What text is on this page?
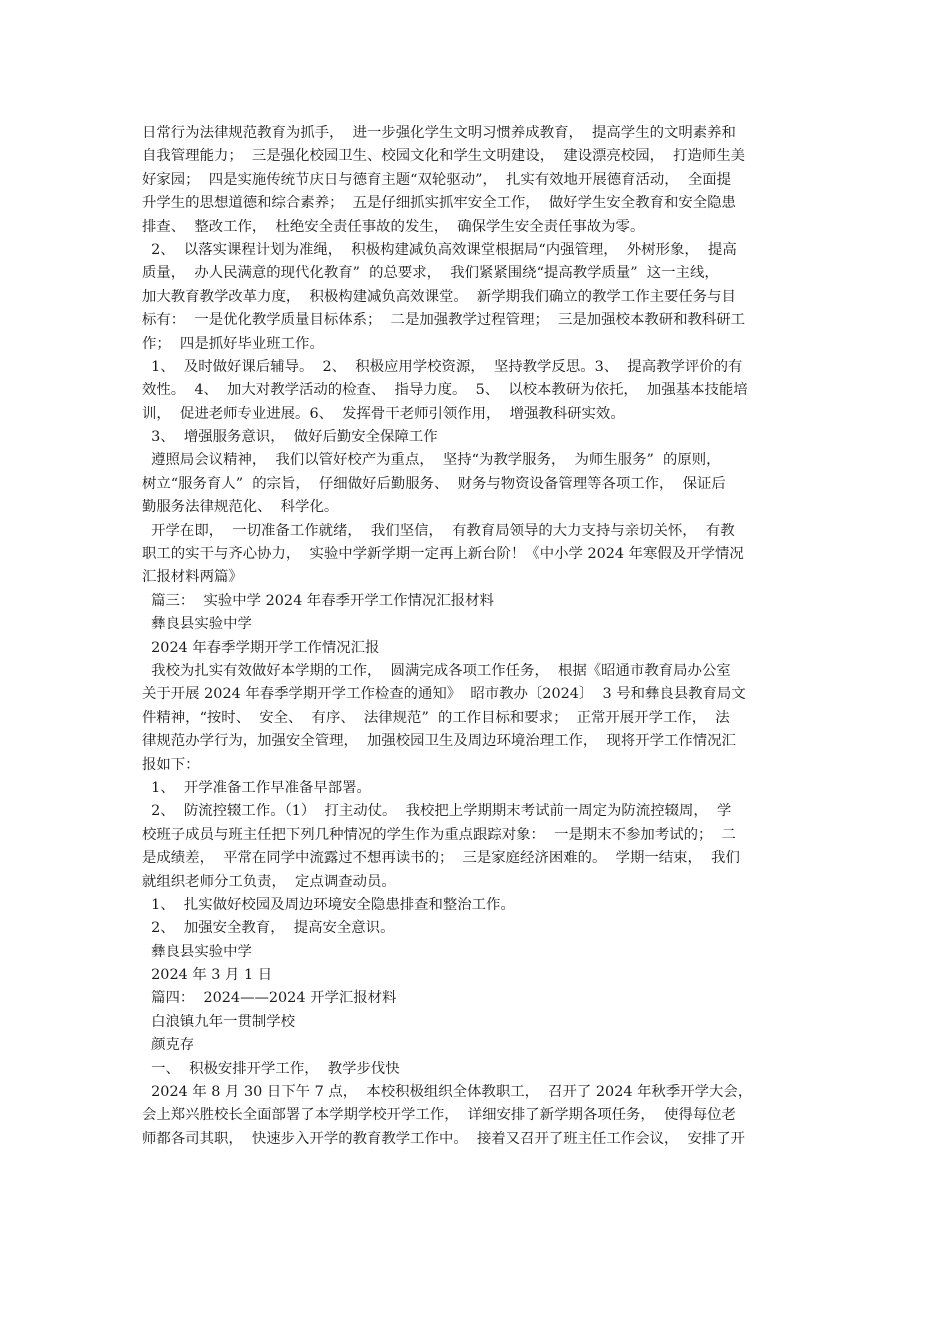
日常行为法律规范教育为抓手，  进一步强化学生文明习惯养成教育，  提高学生的文明素养和
自我管理能力；  三是强化校园卫生、校园文化和学生文明建设，  建设漂亮校园，  打造师生美
好家园；  四是实施传统节庆日与德育主题“双轮驱动”，  扎实有效地开展德育活动，  全面提
升学生的思想道德和综合素养；  五是仔细抓实抓牢安全工作，  做好学生安全教育和安全隐患
排查、  整改工作，  杜绝安全责任事故的发生，  确保学生安全责任事故为零。
2、  以落实课程计划为准绳，  积极构建减负高效课堂根据局“内强管理，  外树形象，  提高
质量，  办人民满意的现代化教育”  的总要求，  我们紧紧围绕“提高教学质量”  这一主线，
加大教育教学改革力度，  积极构建减负高效课堂。  新学期我们确立的教学工作主要任务与目
标有：  一是优化教学质量目标体系；  二是加强教学过程管理；  三是加强校本教研和教科研工
作；  四是抓好毕业班工作。
1、  及时做好课后辅导。  2、  积极应用学校资源，  坚持教学反思。3、  提高教学评价的有
效性。  4、  加大对教学活动的检查、  指导力度。  5、  以校本教研为依托，  加强基本技能培
训，  促进老师专业进展。6、  发挥骨干老师引领作用，  增强教科研实效。
3、  增强服务意识，  做好后勤安全保障工作
遵照局会议精神，  我们以管好校产为重点，  坚持“为教学服务，  为师生服务”  的原则，
树立“服务育人”  的宗旨，  仔细做好后勤服务、  财务与物资设备管理等各项工作，  保证后
勤服务法律规范化、  科学化。
开学在即，  一切准备工作就绪，  我们坚信，  有教育局领导的大力支持与亲切关怀，  有教
职工的实干与齐心协力，  实验中学新学期一定再上新台阶！《中小学 2024 年寒假及开学情况
汇报材料两篇》
篇三：  实验中学 2024 年春季开学工作情况汇报材料
彝良县实验中学
2024 年春季学期开学工作情况汇报
我校为扎实有效做好本学期的工作，  圆满完成各项工作任务，  根据《昭通市教育局办公室
关于开展 2024 年春季学期开学工作检查的通知》  昭市教办〔2024〕  3 号和彝良县教育局文
件精神，“按时、  安全、  有序、  法律规范”  的工作目标和要求；  正常开展开学工作，  法
律规范办学行为，加强安全管理，  加强校园卫生及周边环境治理工作，  现将开学工作情况汇
报如下：
1、  开学准备工作早准备早部署。
2、  防流控辍工作。（1）  打主动仗。  我校把上学期期末考试前一周定为防流控辍周，  学
校班子成员与班主任把下列几种情况的学生作为重点跟踪对象：  一是期末不参加考试的；  二
是成绩差，  平常在同学中流露过不想再读书的；  三是家庭经济困难的。  学期一结束，  我们
就组织老师分工负责，  定点调查动员。
1、  扎实做好校园及周边环境安全隐患排查和整治工作。
2、  加强安全教育，  提高安全意识。
彝良县实验中学
2024 年 3 月 1 日
篇四：  2024——2024 开学汇报材料
白浪镇九年一贯制学校
颜克存
一、  积极安排开学工作，  教学步伐快
2024 年 8 月 30 日下午 7 点，  本校积极组织全体教职工，  召开了 2024 年秋季开学大会，
会上郑兴胜校长全面部署了本学期学校开学工作，  详细安排了新学期各项任务，  使得每位老
师都各司其职，  快速步入开学的教育教学工作中。  接着又召开了班主任工作会议，  安排了开
